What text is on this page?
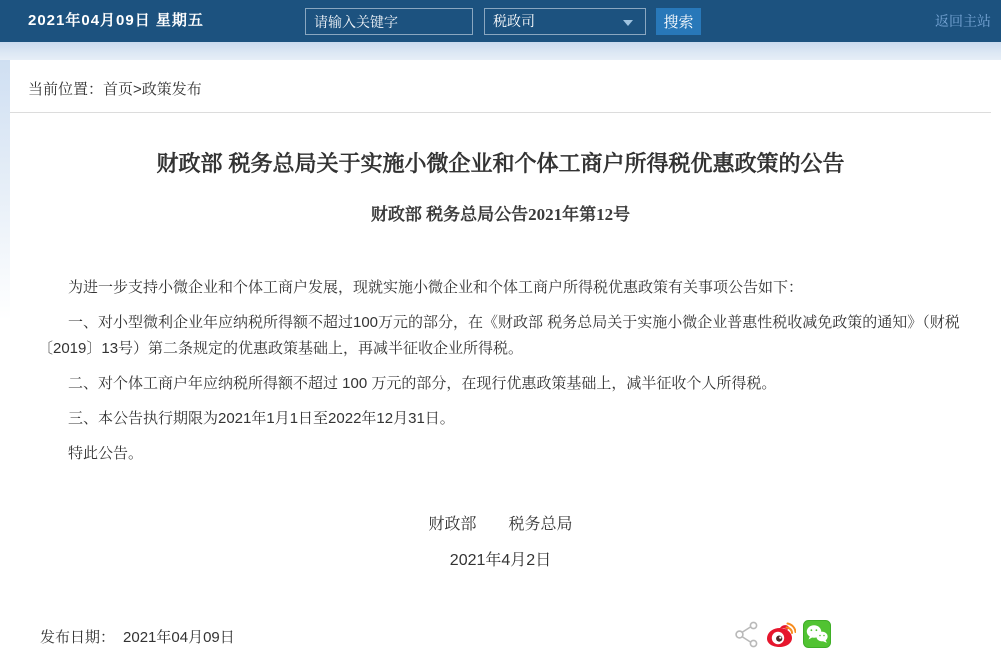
2021年04月09日 星期五
请输入关键字	税政司	搜索	返回主站
当前位置：首页>政策发布
财政部 税务总局关于实施小微企业和个体工商户所得税优惠政策的公告
财政部 税务总局公告2021年第12号

为进一步支持小微企业和个体工商户发展，现就实施小微企业和个体工商户所得税优惠政策有关事项公告如下：

一、对小型微利企业年应纳税所得额不超过100万元的部分，在《财政部 税务总局关于实施小微企业普惠性税收减免政策的通知》（财税〔2019〕13号）第二条规定的优惠政策基础上，再减半征收企业所得税。

二、对个体工商户年应纳税所得额不超过 100 万元的部分，在现行优惠政策基础上，减半征收个人所得税。

三、本公告执行期限为2021年1月1日至2022年12月31日。

特此公告。

财政部　　税务总局
2021年4月2日
发布日期： 2021年04月09日
